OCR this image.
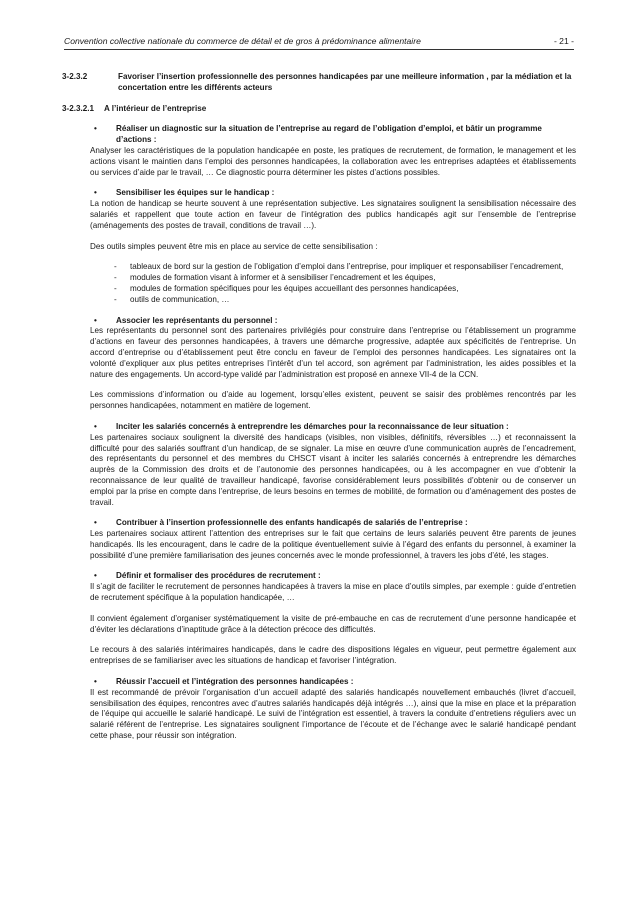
Convention collective nationale du commerce de détail et de gros à prédominance alimentaire	- 21 -
3-2.3.2	Favoriser l’insertion professionnelle des personnes handicapées par une meilleure information , par la médiation et la concertation entre les différents acteurs
3-2.3.2.1 A l’intérieur de l’entreprise
• Réaliser un diagnostic sur la situation de l’entreprise au regard de l’obligation d’emploi, et bâtir un programme d’actions :

Analyser les caractéristiques de la population handicapée en poste, les pratiques de recrutement, de formation, le management et les actions visant le maintien dans l’emploi des personnes handicapées, la collaboration avec les entreprises adaptées et établissements ou services d’aide par le travail, … Ce diagnostic pourra déterminer les pistes d’actions possibles.

• Sensibiliser les équipes sur le handicap :

La notion de handicap se heurte souvent à une représentation subjective. Les signataires soulignent la sensibilisation nécessaire des salariés et rappellent que toute action en faveur de l’intégration des publics handicapés agit sur l’ensemble de l’entreprise (aménagements des postes de travail, conditions de travail …).

Des outils simples peuvent être mis en place au service de cette sensibilisation :

- tableaux de bord sur la gestion de l’obligation d’emploi dans l’entreprise, pour impliquer et responsabiliser l’encadrement,

- modules de formation visant à informer et à sensibiliser l’encadrement et les équipes,

- modules de formation spécifiques pour les équipes accueillant des personnes handicapées,

- outils de communication, …

• Associer les représentants du personnel :

Les représentants du personnel sont des partenaires privilégiés pour construire dans l’entreprise ou l’établissement un programme d’actions en faveur des personnes handicapées, à travers une démarche progressive, adaptée aux spécificités de l’entreprise. Un accord d’entreprise ou d’établissement peut être conclu en faveur de l’emploi des personnes handicapées. Les signataires ont la volonté d’expliquer aux plus petites entreprises l’intérêt d’un tel accord, son agrément par l’administration, les aides possibles et la nature des engagements. Un accord-type validé par l’administration est proposé en annexe VII-4 de la CCN.

Les commissions d’information ou d’aide au logement, lorsqu’elles existent, peuvent se saisir des problèmes rencontrés par les personnes handicapées, notamment en matière de logement.

• Inciter les salariés concernés à entreprendre les démarches pour la reconnaissance de leur situation :

Les partenaires sociaux soulignent la diversité des handicaps (visibles, non visibles, définitifs, réversibles …) et reconnaissent la difficulté pour des salariés souffrant d’un handicap, de se signaler. La mise en œuvre d’une communication auprès de l’encadrement, des représentants du personnel et des membres du CHSCT visant à inciter les salariés concernés à entreprendre les démarches auprès de la Commission des droits et de l’autonomie des personnes handicapées, ou à les accompagner en vue d’obtenir la reconnaissance de leur qualité de travailleur handicapé, favorise considérablement leurs possibilités d’obtenir ou de conserver un emploi par la prise en compte dans l’entreprise, de leurs besoins en termes de mobilité, de formation ou d’aménagement des postes de travail.

• Contribuer à l’insertion professionnelle des enfants handicapés de salariés de l’entreprise :

Les partenaires sociaux attirent l’attention des entreprises sur le fait que certains de leurs salariés peuvent être parents de jeunes handicapés. Ils les encouragent, dans le cadre de la politique éventuellement suivie à l’égard des enfants du personnel, à examiner la possibilité d’une première familiarisation des jeunes concernés avec le monde professionnel, à travers les jobs d’été, les stages.

• Définir et formaliser des procédures de recrutement :

Il s’agit de faciliter le recrutement de personnes handicapées à travers la mise en place d’outils simples, par exemple : guide d’entretien de recrutement spécifique à la population handicapée, …

Il convient également d’organiser systématiquement la visite de pré-embauche en cas de recrutement d’une personne handicapée et d’éviter les déclarations d’inaptitude grâce à la détection précoce des difficultés.

Le recours à des salariés intérimaires handicapés, dans le cadre des dispositions légales en vigueur, peut permettre également aux entreprises de se familiariser avec les situations de handicap et favoriser l’intégration.

• Réussir l’accueil et l’intégration des personnes handicapées :

Il est recommandé de prévoir l’organisation d’un accueil adapté des salariés handicapés nouvellement embauchés (livret d’accueil, sensibilisation des équipes, rencontres avec d’autres salariés handicapés déjà intégrés …), ainsi que la mise en place et la préparation de l’équipe qui accueille le salarié handicapé. Le suivi de l’intégration est essentiel, à travers la conduite d’entretiens réguliers avec un salarié référent de l’entreprise. Les signataires soulignent l’importance de l’écoute et de l’échange avec le salarié handicapé pendant cette phase, pour réussir son intégration.
